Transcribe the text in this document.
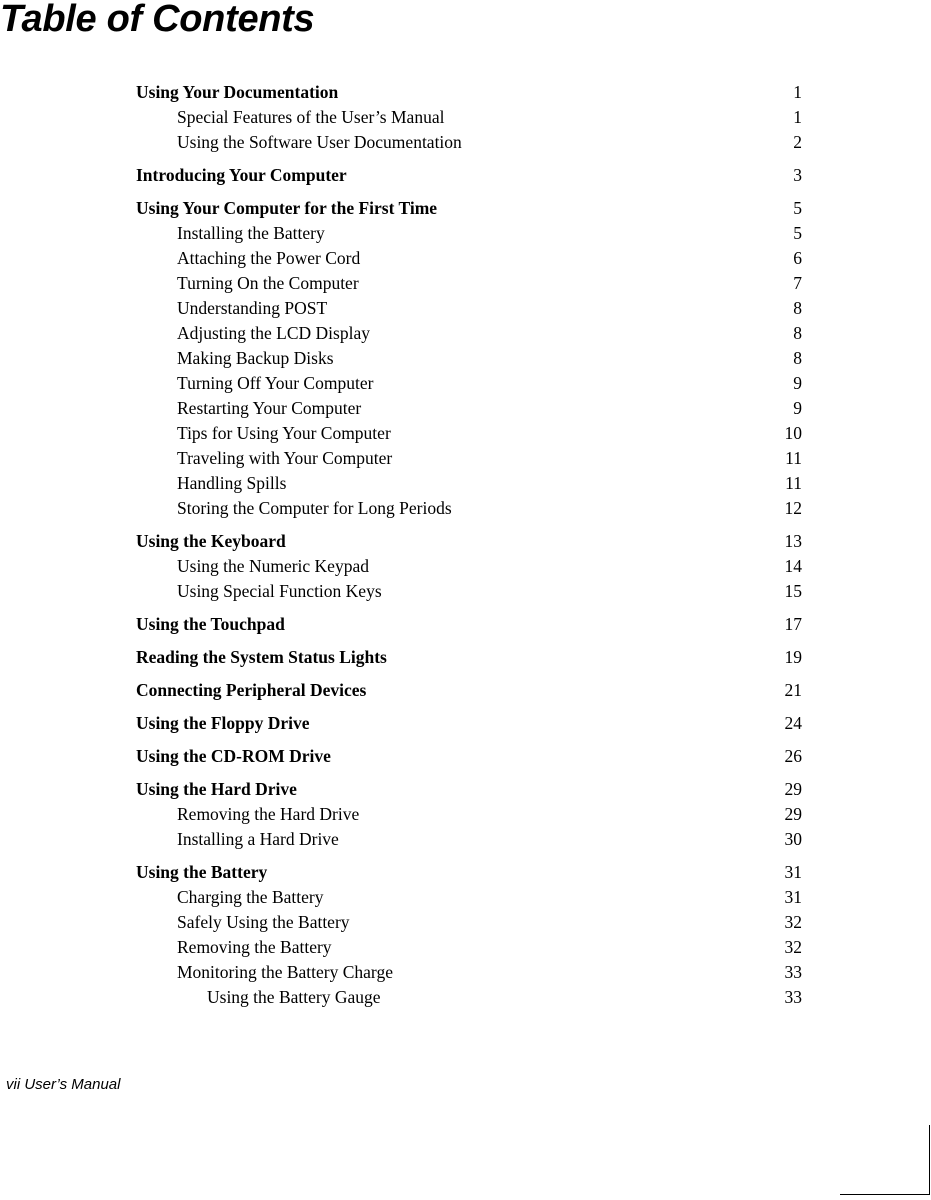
Table of Contents
Using Your Documentation	1
Special Features of the User’s Manual	1
Using the Software User Documentation	2
Introducing Your Computer	3
Using Your Computer for the First Time	5
Installing the Battery	5
Attaching the Power Cord	6
Turning On the Computer	7
Understanding POST	8
Adjusting the LCD Display	8
Making Backup Disks	8
Turning Off Your Computer	9
Restarting Your Computer	9
Tips for Using Your Computer	10
Traveling with Your Computer	11
Handling Spills	11
Storing the Computer for Long Periods	12
Using the Keyboard	13
Using the Numeric Keypad	14
Using Special Function Keys	15
Using the Touchpad	17
Reading the System Status Lights	19
Connecting Peripheral Devices	21
Using the Floppy Drive	24
Using the CD-ROM Drive	26
Using the Hard Drive	29
Removing the Hard Drive	29
Installing a Hard Drive	30
Using the Battery	31
Charging the Battery	31
Safely Using the Battery	32
Removing the Battery	32
Monitoring the Battery Charge	33
Using the Battery Gauge	33
vii User’s Manual
